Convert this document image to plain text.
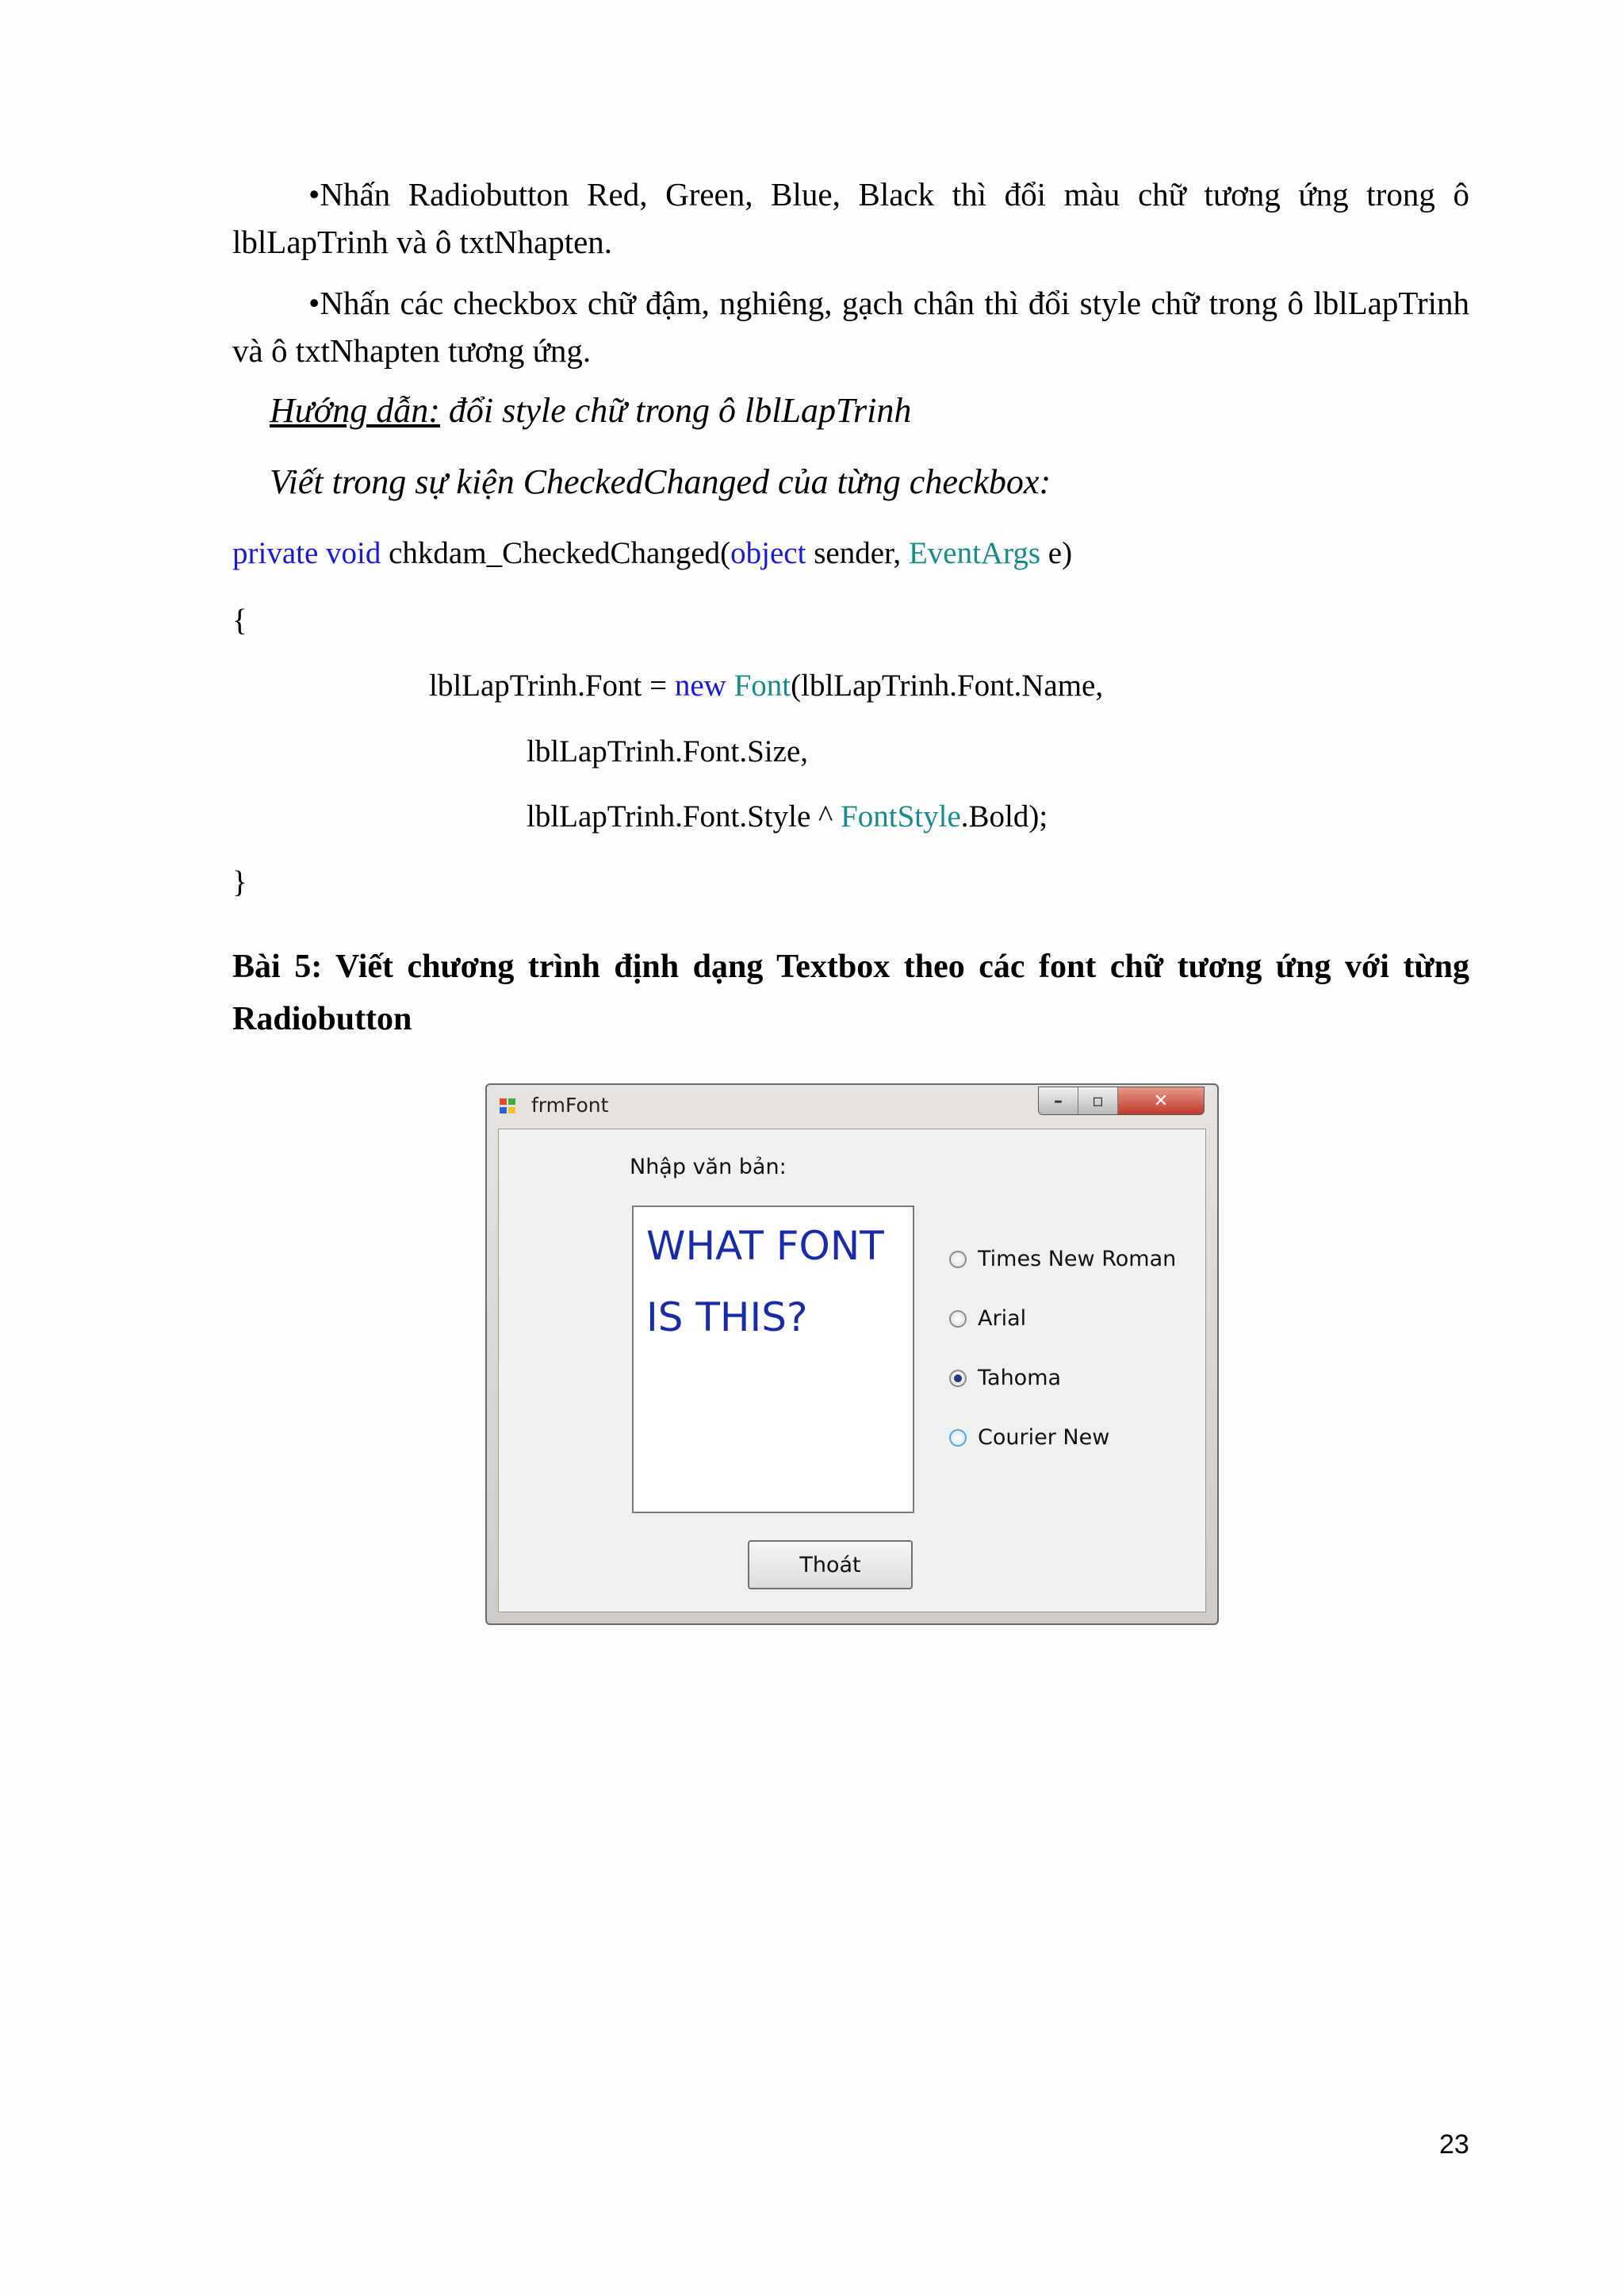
•Nhấn Radiobutton Red, Green, Blue, Black thì đổi màu chữ tương ứng trong ô lblLapTrinh và ô txtNhapten.

•Nhấn các checkbox chữ đậm, nghiêng, gạch chân thì đổi style chữ trong ô lblLapTrinh và ô txtNhapten tương ứng.

Hướng dẫn: đổi style chữ trong ô lblLapTrinh

Viết trong sự kiện CheckedChanged của từng checkbox:

private void chkdam_CheckedChanged(object sender, EventArgs e)

{

lblLapTrinh.Font = new Font(lblLapTrinh.Font.Name,

lblLapTrinh.Font.Size,

lblLapTrinh.Font.Style ^ FontStyle.Bold);

}

Bài 5: Viết chương trình định dạng Textbox theo các font chữ tương ứng với từng Radiobutton

frmFont	–	▫	✕
Nhập văn bản:

WHAT FONT IS THIS?

Times New Roman
Arial
Tahoma
Courier New
Thoát
23
